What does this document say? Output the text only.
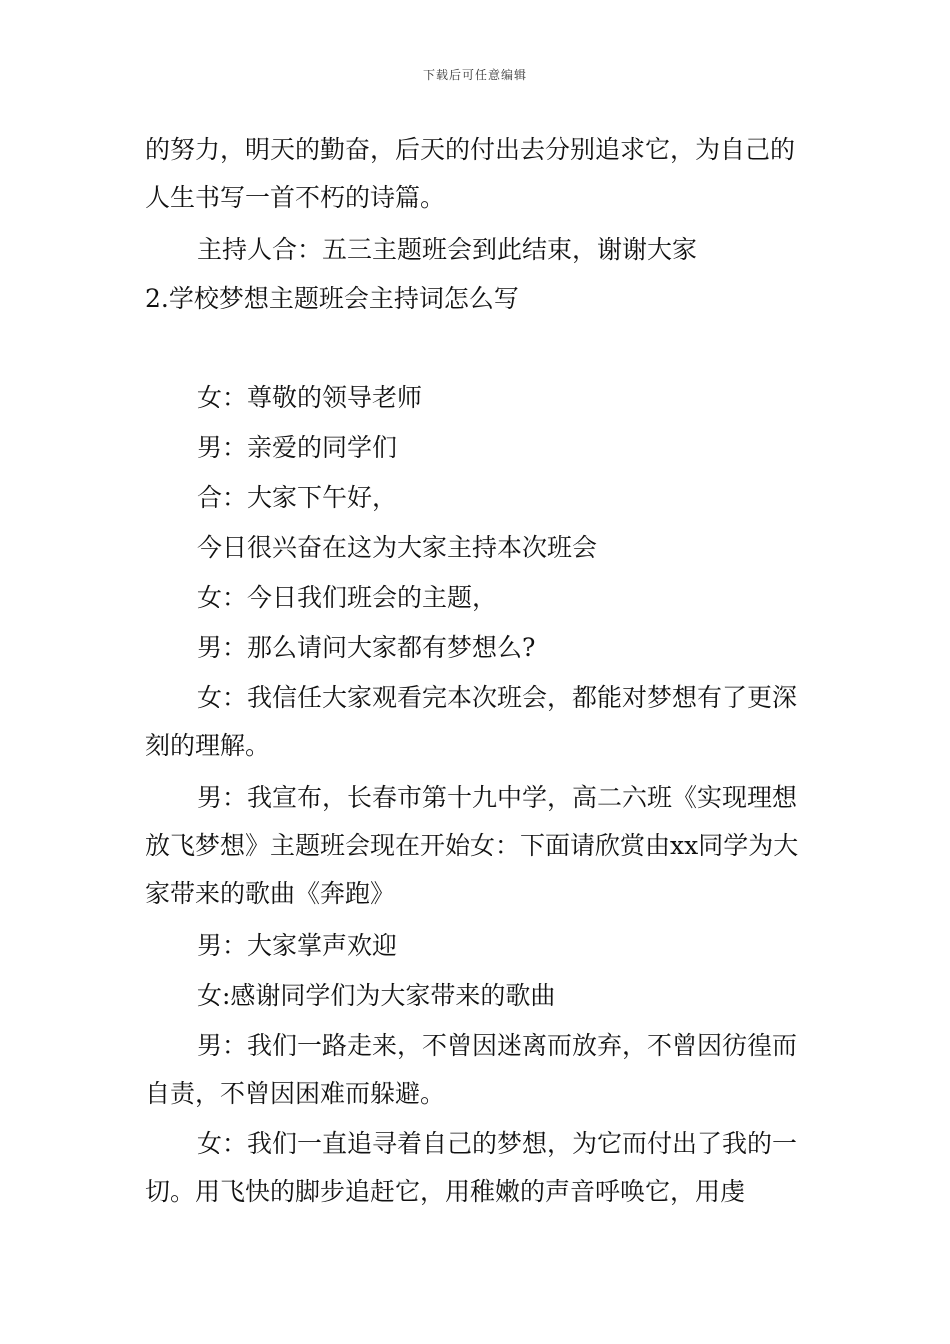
下载后可任意编辑

的努力，明天的勤奋，后天的付出去分别追求它，为自己的人生书写一首不朽的诗篇。

主持人合：五三主题班会到此结束，谢谢大家

2.学校梦想主题班会主持词怎么写

女：尊敬的领导老师

男：亲爱的同学们

合：大家下午好，

今日很兴奋在这为大家主持本次班会

女：今日我们班会的主题，

男：那么请问大家都有梦想么?

女：我信任大家观看完本次班会，都能对梦想有了更深刻的理解。

男：我宣布，长春市第十九中学，高二六班《实现理想放飞梦想》主题班会现在开始女：下面请欣赏由xx同学为大家带来的歌曲《奔跑》

男：大家掌声欢迎

女:感谢同学们为大家带来的歌曲

男：我们一路走来，不曾因迷离而放弃，不曾因彷徨而自责，不曾因困难而躲避。

女：我们一直追寻着自己的梦想，为它而付出了我的一切。用飞快的脚步追赶它，用稚嫩的声音呼唤它，用虔
